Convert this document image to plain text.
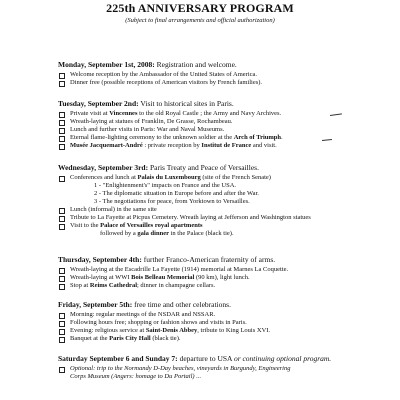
225th ANNIVERSARY PROGRAM
(Subject to final arrangements and official authorization)
Monday, September 1st, 2008: Registration and welcome.
Welcome reception by the Ambassador of the United States of America.
Dinner free (possible receptions of American visitors by French families).
Tuesday, September 2nd: Visit to historical sites in Paris.
Private visit at Vincennes to the old Royal Castle ; the Army and Navy Archives.
Wreath-laying at statues of Franklin, De Grasse, Rochambeau.
Lunch and further visits in Paris: War and Naval Museums.
Eternal flame-lighting ceremony to the unknown soldier at the Arch of Triumph.
Musée Jacquemart-André : private reception by Institut de France and visit.
Wednesday, September 3rd: Paris Treaty and Peace of Versailles.
Conferences and lunch at Palais du Luxembourg (site of the French Senate)
1 - "Enlightenment's" impacts on France and the USA.
2 - The diplomatic situation in Europe before and after the War.
3 - The negotiations for peace, from Yorktown to Versailles.
Lunch (informal) in the same site
Tribute to La Fayette at Picpus Cemetery. Wreath laying at Jefferson and Washington statues
Visit to the Palace of Versailles royal apartments
followed by a gala dinner in the Palace (black tie).
Thursday, September 4th: further Franco-American fraternity of arms.
Wreath-laying at the Escadrille La Fayette (1914) memorial at Marnes La Coquette.
Wreath-laying at WWI Bois Belleau Memorial (90 km), light lunch.
Stop at Reims Cathedral; dinner in champagne cellars.
Friday, September 5th: free time and other celebrations.
Morning: regular meetings of the NSDAR and NSSAR.
Following hours free; shopping or fashion shows and visits in Paris.
Evening: religious service at Saint-Denis Abbey, tribute to King Louis XVI.
Banquet at the Paris City Hall (black tie).
Saturday September 6 and Sunday 7: departure to USA or continuing optional program.
Optional: trip to the Normandy D-Day beaches, vineyards in Burgundy, Engineering
Corps Museum (Angers: homage to Du Portail) ...
